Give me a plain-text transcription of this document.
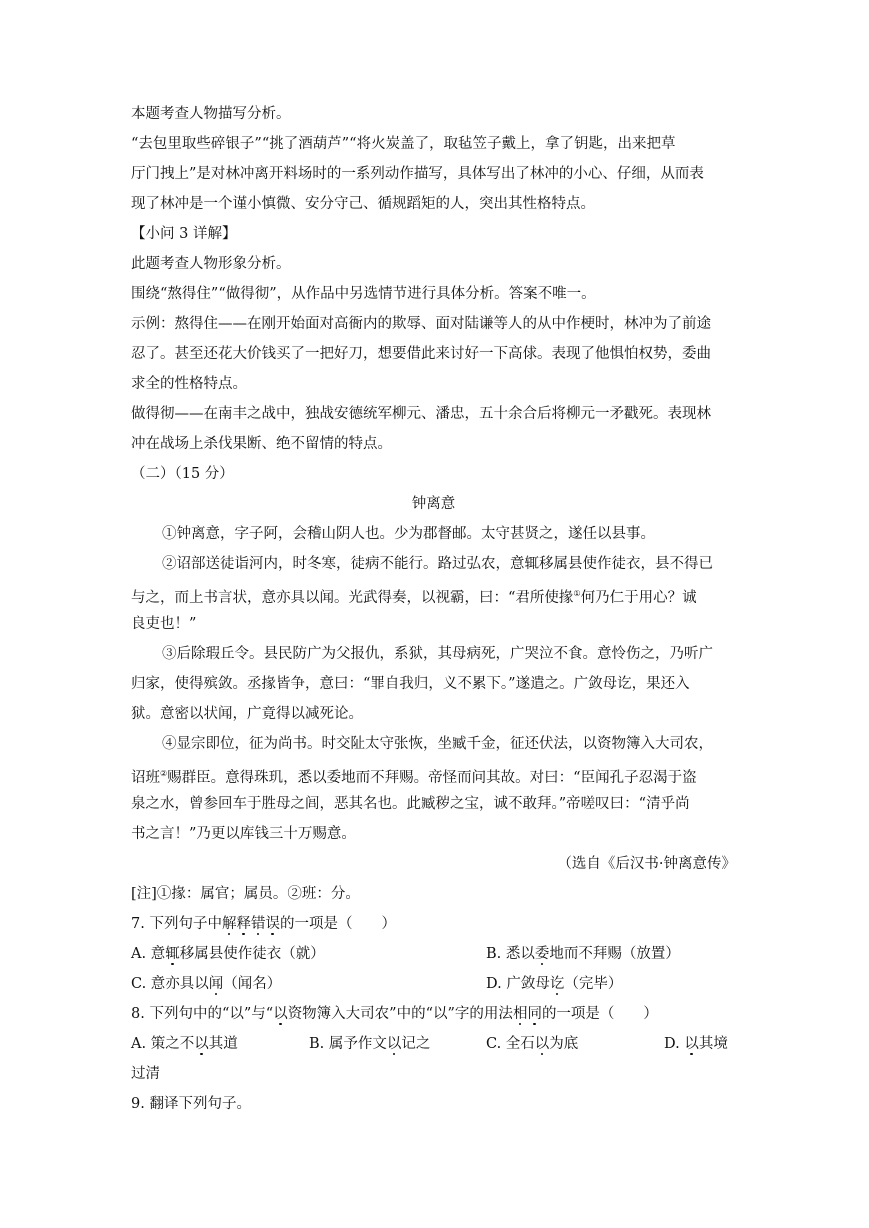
本题考查人物描写分析。
“去包里取些碎银子”“挑了酒葫芦”“将火炭盖了，取毡笠子戴上，拿了钥匙，出来把草
厅门拽上”是对林冲离开料场时的一系列动作描写，具体写出了林冲的小心、仔细，从而表
现了林冲是一个谨小慎微、安分守己、循规蹈矩的人，突出其性格特点。
【小问 3 详解】
此题考查人物形象分析。
围绕“熬得住”“做得彻”，从作品中另选情节进行具体分析。答案不唯一。
示例：熬得住——在刚开始面对高衙内的欺辱、面对陆谦等人的从中作梗时，林冲为了前途
忍了。甚至还花大价钱买了一把好刀，想要借此来讨好一下高俅。表现了他惧怕权势，委曲
求全的性格特点。
做得彻——在南丰之战中，独战安德统军柳元、潘忠，五十余合后将柳元一矛戳死。表现林
冲在战场上杀伐果断、绝不留情的特点。
（二）（15 分）
钟离意
①钟离意，字子阿，会稽山阴人也。少为郡督邮。太守甚贤之，遂任以县事。
②诏部送徒诣河内，时冬寒，徒病不能行。路过弘农，意辄移属县使作徒衣，县不得已
与之，而上书言状，意亦具以闻。光武得奏，以视霸，曰：“君所使掾①何乃仁于用心？诚
良吏也！”
③后除瑕丘令。县民防广为父报仇，系狱，其母病死，广哭泣不食。意怜伤之，乃听广
归家，使得殡敛。丞掾皆争，意曰：“罪自我归，义不累下。”遂遣之。广敛母讫，果还入
狱。意密以状闻，广竟得以减死论。
④显宗即位，征为尚书。时交阯太守张恢，坐臧千金，征还伏法，以资物簿入大司农，
诏班②赐群臣。意得珠玑，悉以委地而不拜赐。帝怪而问其故。对曰：“臣闻孔子忍渴于盗
泉之水，曾参回车于胜母之闾，恶其名也。此臧秽之宝，诚不敢拜。”帝嗟叹曰：“清乎尚
书之言！”乃更以库钱三十万赐意。
（选自《后汉书·钟离意传》
[注]①掾：属官；属员。②班：分。
7. 下列句子中解释错误的一项是（　　）
A. 意辄移属县使作徒衣（就）	B. 悉以委地而不拜赐（放置）
C. 意亦具以闻（闻名）	D. 广敛母讫（完毕）
8. 下列句中的“以”与“以资物簿入大司农”中的“以”字的用法相同的一项是（　　）
A. 策之不以其道	B. 属予作文以记之	C. 全石以为底	D. 以其境
过清
9. 翻译下列句子。
